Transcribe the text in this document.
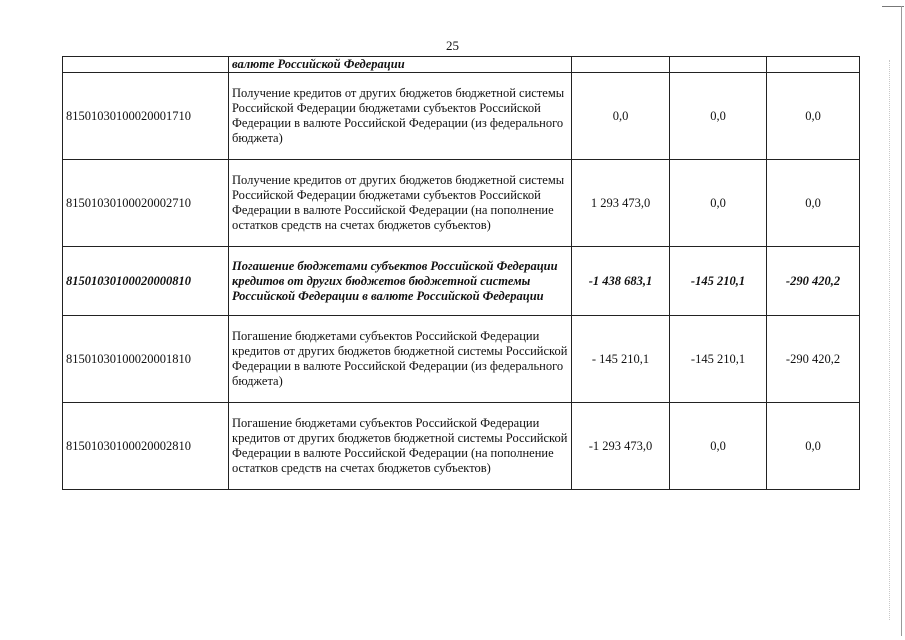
25
	валюте Российской Федерации			
81501030100020001710	Получение кредитов от других бюджетов бюджетной системы Российской Федерации бюджетами субъектов Российской Федерации в валюте Российской Федерации (из федерального бюджета)	0,0	0,0	0,0
81501030100020002710	Получение кредитов от других бюджетов бюджетной системы Российской Федерации бюджетами субъектов Российской Федерации в валюте Российской Федерации (на пополнение остатков средств на счетах бюджетов субъектов)	1 293 473,0	0,0	0,0
81501030100020000810	Погашение бюджетами субъектов Российской Федерации кредитов от других бюджетов бюджетной системы Российской Федерации в валюте Российской Федерации	-1 438 683,1	-145 210,1	-290 420,2
81501030100020001810	Погашение бюджетами субъектов Российской Федерации кредитов от других бюджетов бюджетной системы Российской Федерации в валюте Российской Федерации (из федерального бюджета)	- 145 210,1	-145 210,1	-290 420,2
81501030100020002810	Погашение бюджетами субъектов Российской Федерации кредитов от других бюджетов бюджетной системы Российской Федерации в валюте Российской Федерации (на пополнение остатков средств на счетах бюджетов субъектов)	-1 293 473,0	0,0	0,0
